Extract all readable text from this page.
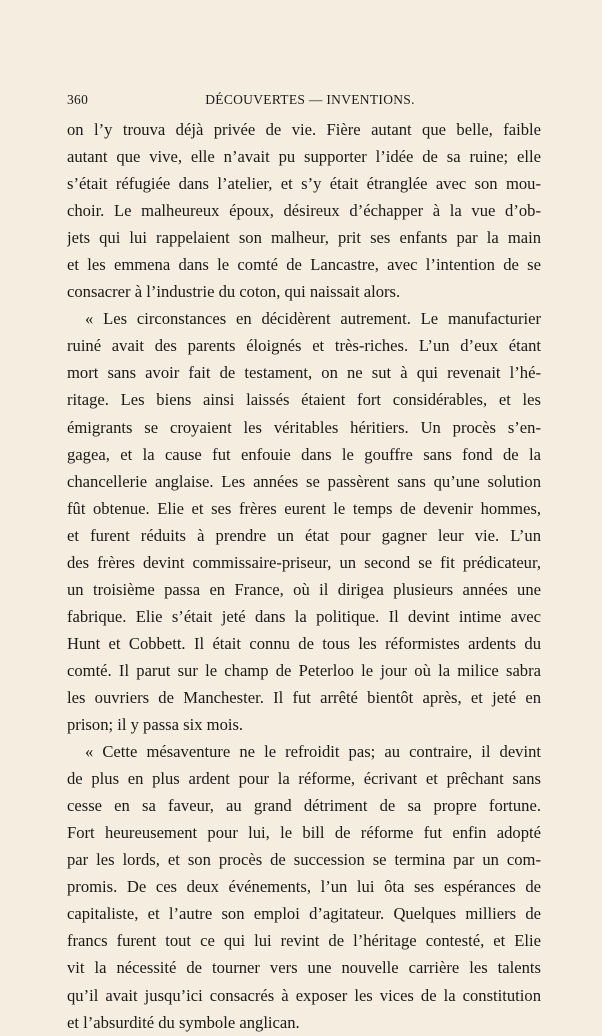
360	DÉCOUVERTES — INVENTIONS.
on l’y trouva déjà privée de vie. Fière autant que belle, faible
autant que vive, elle n’avait pu supporter l’idée de sa ruine; elle
s’était réfugiée dans l’atelier, et s’y était étranglée avec son mou-
choir. Le malheureux époux, désireux d’échapper à la vue d’ob-
jets qui lui rappelaient son malheur, prit ses enfants par la main
et les emmena dans le comté de Lancastre, avec l’intention de se
consacrer à l’industrie du coton, qui naissait alors.
« Les circonstances en décidèrent autrement. Le manufacturier
ruiné avait des parents éloignés et très-riches. L’un d’eux étant
mort sans avoir fait de testament, on ne sut à qui revenait l’hé-
ritage. Les biens ainsi laissés étaient fort considérables, et les
émigrants se croyaient les véritables héritiers. Un procès s’en-
gagea, et la cause fut enfouie dans le gouffre sans fond de la
chancellerie anglaise. Les années se passèrent sans qu’une solution
fût obtenue. Elie et ses frères eurent le temps de devenir hommes,
et furent réduits à prendre un état pour gagner leur vie. L’un
des frères devint commissaire-priseur, un second se fit prédicateur,
un troisième passa en France, où il dirigea plusieurs années une
fabrique. Elie s’était jeté dans la politique. Il devint intime avec
Hunt et Cobbett. Il était connu de tous les réformistes ardents du
comté. Il parut sur le champ de Peterloo le jour où la milice sabra
les ouvriers de Manchester. Il fut arrêté bientôt après, et jeté en
prison; il y passa six mois.
« Cette mésaventure ne le refroidit pas; au contraire, il devint
de plus en plus ardent pour la réforme, écrivant et prêchant sans
cesse en sa faveur, au grand détriment de sa propre fortune.
Fort heureusement pour lui, le bill de réforme fut enfin adopté
par les lords, et son procès de succession se termina par un com-
promis. De ces deux événements, l’un lui ôta ses espérances de
capitaliste, et l’autre son emploi d’agitateur. Quelques milliers de
francs furent tout ce qui lui revint de l’héritage contesté, et Elie
vit la nécessité de tourner vers une nouvelle carrière les talents
qu’il avait jusqu’ici consacrés à exposer les vices de la constitution
et l’absurdité du symbole anglican.
